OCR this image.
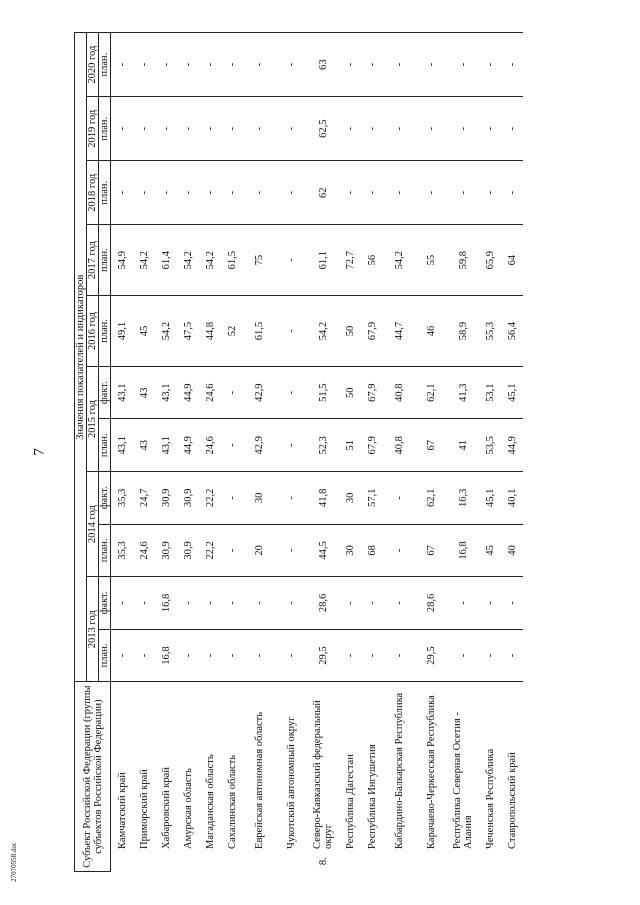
7
27070558.doc	Субъект Российской Федерации (группы субъектов Российской Федерации)		Значения показателей и индикаторов										
		2013 год		2014 год		2015 год		2016 год	2017 год	2018 год	2019 год	2020 год
		план.	факт.	план.	факт.	план.	факт.	план.	план.	план.	план.	план.
	Камчатский край	-	-	35,3	35,3	43,1	43,1	49,1	54,9	-	-	-
	Приморский край	-	-	24,6	24,7	43	43	45	54,2	-	-	-
	Хабаровский край	16,8	16,8	30,9	30,9	43,1	43,1	54,2	61,4	-	-	-
	Амурская область	-	-	30,9	30,9	44,9	44,9	47,5	54,2	-	-	-
	Магаданская область	-	-	22,2	22,2	24,6	24,6	44,8	54,2	-	-	-
	Сахалинская область	-	-	-	-	-	-	52	61,5	-	-	-
	Еврейская автономная область	-	-	20	30	42,9	42,9	61,5	75	-	-	-
	Чукотский автономный округ	-	-	-	-	-	-	-	-	-	-	-
8.	Северо-Кавказский федеральный округ	29,5	28,6	44,5	41,8	52,3	51,5	54,2	61,1	62	62,5	63
	Республика Дагестан	-	-	30	30	51	50	50	72,7	-	-	-
	Республика Ингушетия	-	-	68	57,1	67,9	67,9	67,9	56	-	-	-
	Кабардино-Балкарская Республика	-	-	-	-	40,8	40,8	44,7	54,2	-	-	-
	Карачаево-Черкесская Республика	29,5	28,6	67	62,1	67	62,1	46	55	-	-	-
	Республика Северная Осетия - Алания	-	-	16,8	16,3	41	41,3	58,9	59,8	-	-	-
	Чеченская Республика	-	-	45	45,1	53,5	53,1	55,3	65,9	-	-	-
	Ставропольский край	-	-	40	40,1	44,9	45,1	56,4	64	-	-	-
